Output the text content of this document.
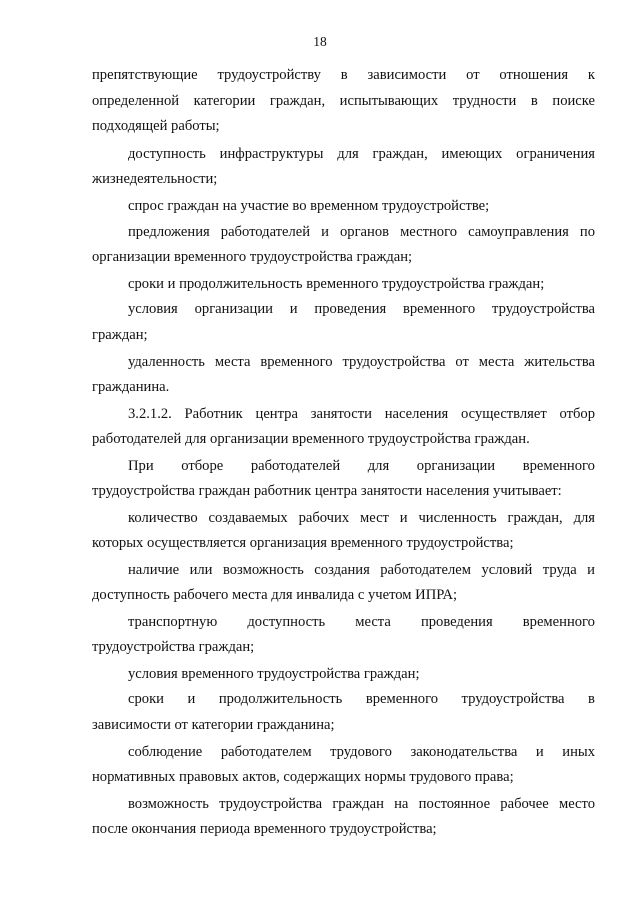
18
препятствующие трудоустройству в зависимости от отношения к
определенной категории граждан, испытывающих трудности в поиске
подходящей работы;
доступность инфраструктуры для граждан, имеющих ограничения
жизнедеятельности;
спрос граждан на участие во временном трудоустройстве;
предложения работодателей и органов местного самоуправления по
организации временного трудоустройства граждан;
сроки и продолжительность временного трудоустройства граждан;
условия организации и проведения временного трудоустройства
граждан;
удаленность места временного трудоустройства от места жительства
гражданина.
3.2.1.2. Работник центра занятости населения осуществляет отбор
работодателей для организации временного трудоустройства граждан.
При отборе работодателей для организации временного
трудоустройства граждан работник центра занятости населения учитывает:
количество создаваемых рабочих мест и численность граждан, для
которых осуществляется организация временного трудоустройства;
наличие или возможность создания работодателем условий труда и
доступность рабочего места для инвалида с учетом ИПРА;
транспортную доступность места проведения временного
трудоустройства граждан;
условия временного трудоустройства граждан;
сроки и продолжительность временного трудоустройства в
зависимости от категории гражданина;
соблюдение работодателем трудового законодательства и иных
нормативных правовых актов, содержащих нормы трудового права;
возможность трудоустройства граждан на постоянное рабочее место
после окончания периода временного трудоустройства;
